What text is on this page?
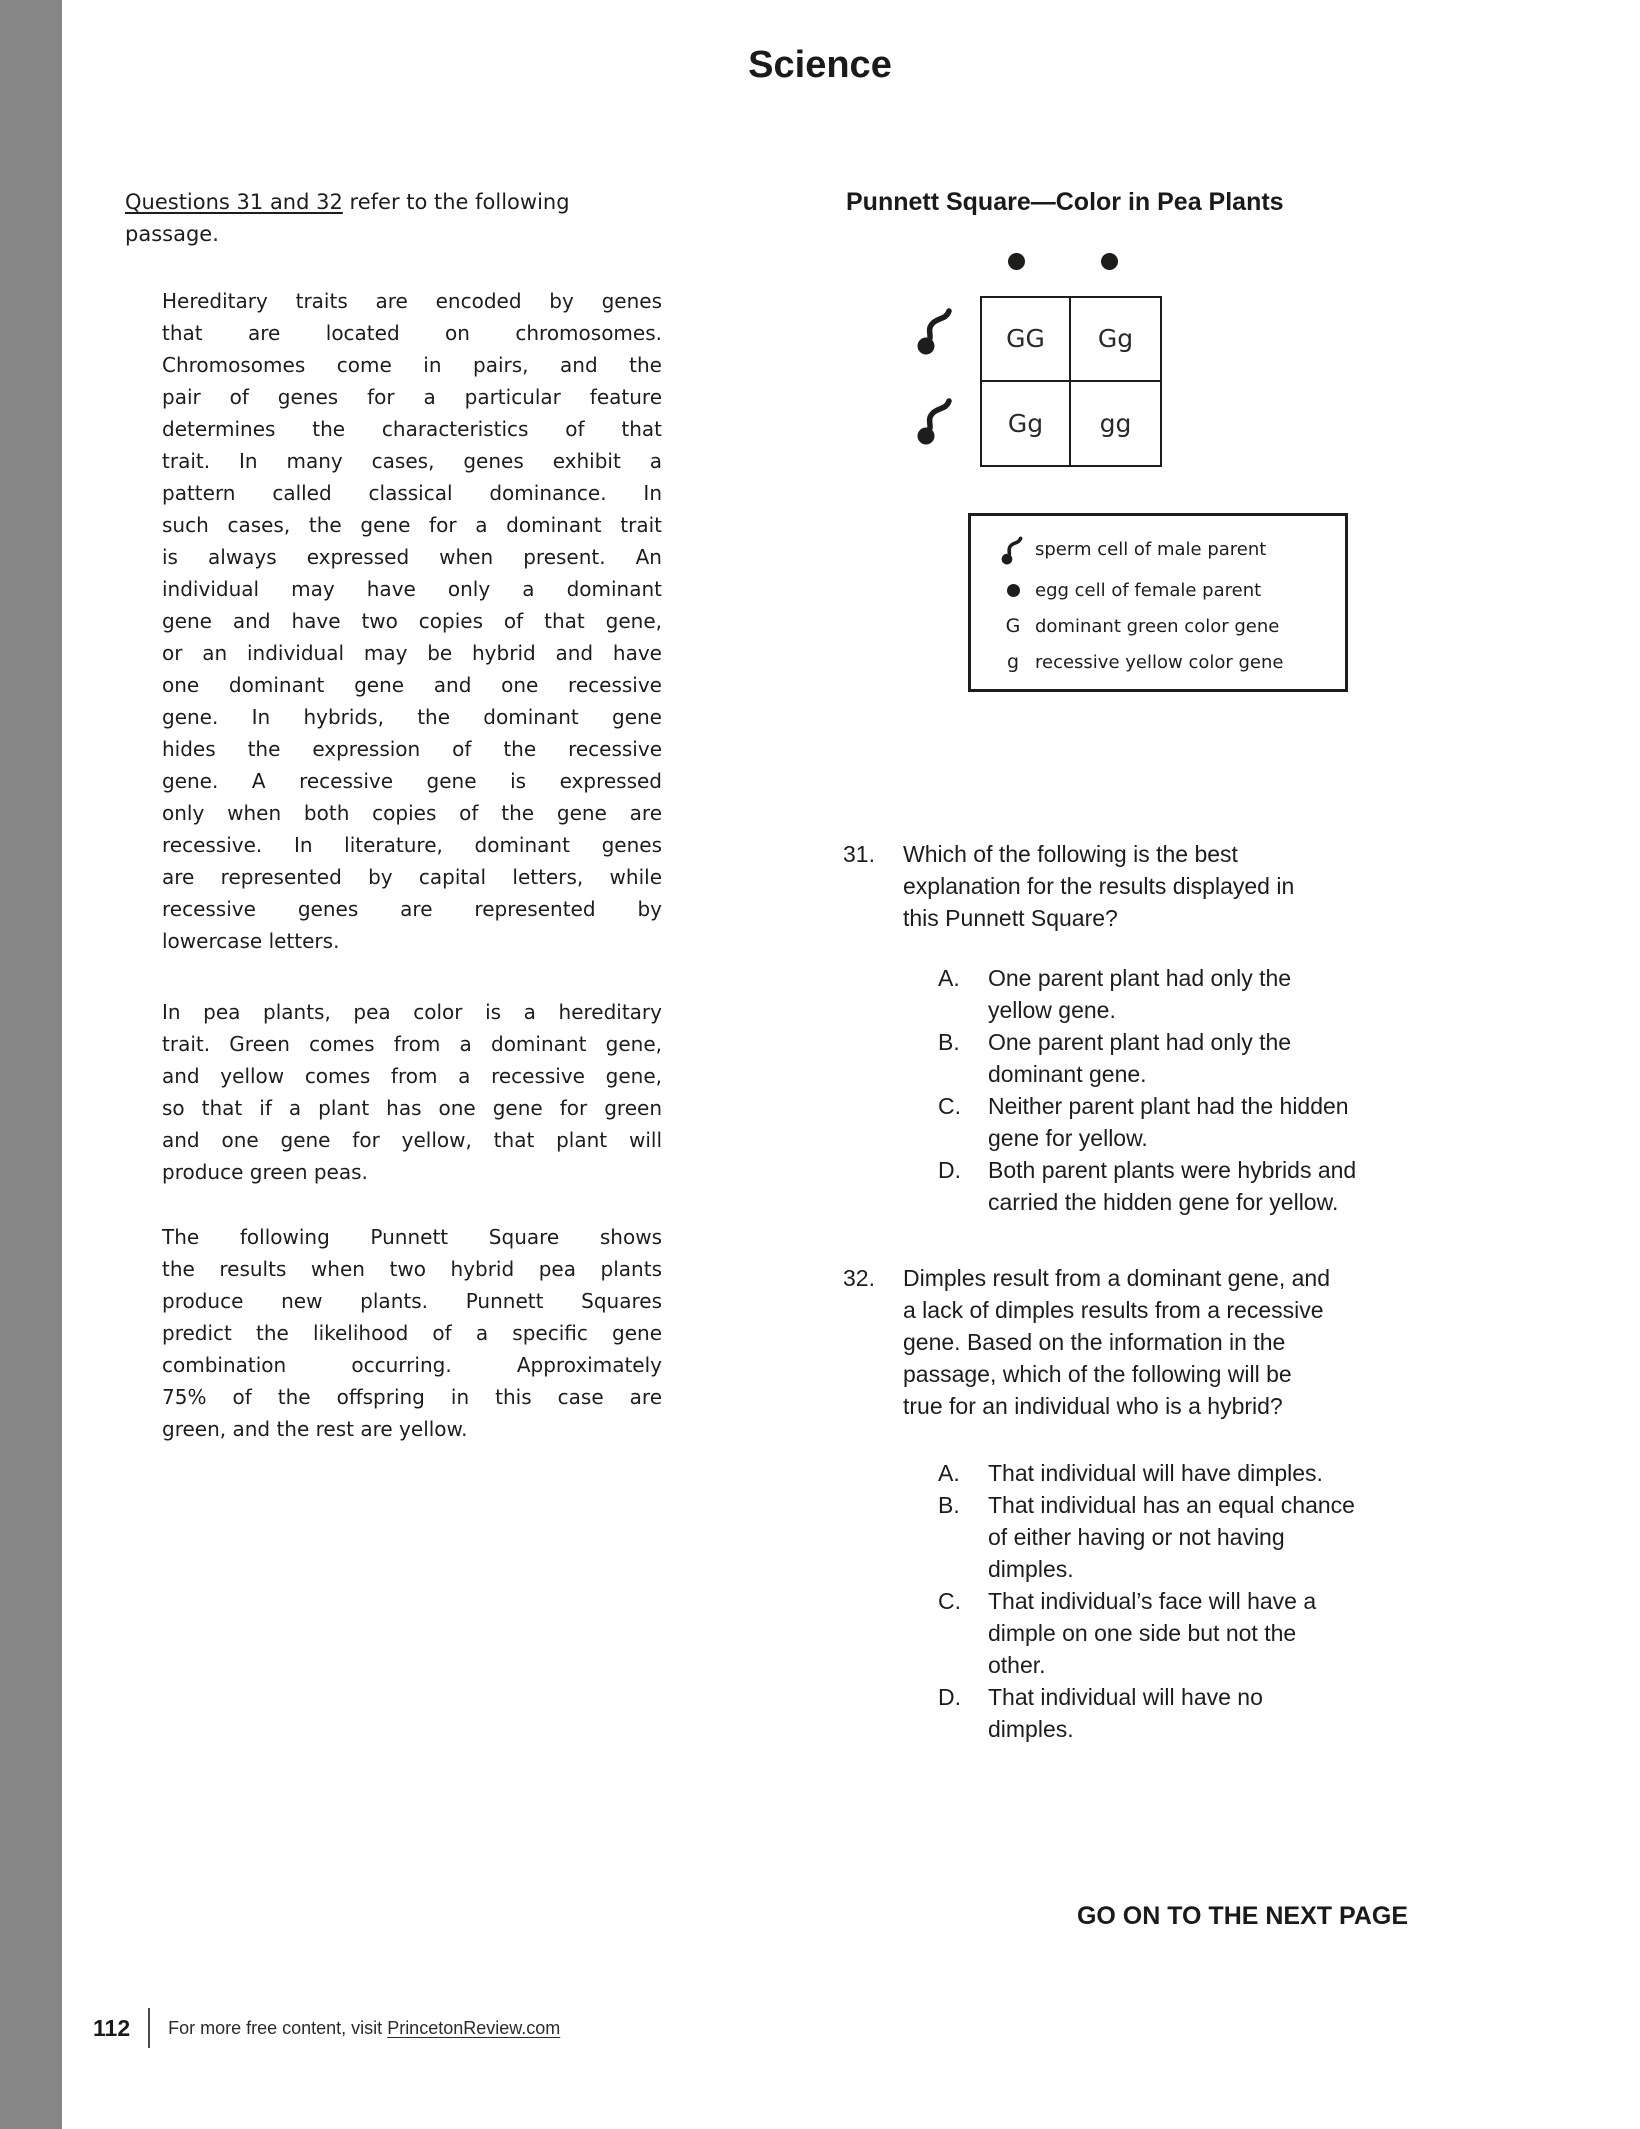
Science
Questions 31 and 32 refer to the following
passage.
Hereditary traits are encoded by genes
that are located on chromosomes.
Chromosomes come in pairs, and the
pair of genes for a particular feature
determines the characteristics of that
trait. In many cases, genes exhibit a
pattern called classical dominance. In
such cases, the gene for a dominant trait
is always expressed when present. An
individual may have only a dominant
gene and have two copies of that gene,
or an individual may be hybrid and have
one dominant gene and one recessive
gene. In hybrids, the dominant gene
hides the expression of the recessive
gene. A recessive gene is expressed
only when both copies of the gene are
recessive. In literature, dominant genes
are represented by capital letters, while
recessive genes are represented by
lowercase letters.
In pea plants, pea color is a hereditary
trait. Green comes from a dominant gene,
and yellow comes from a recessive gene,
so that if a plant has one gene for green
and one gene for yellow, that plant will
produce green peas.
The following Punnett Square shows
the results when two hybrid pea plants
produce new plants. Punnett Squares
predict the likelihood of a specific gene
combination occurring. Approximately
75% of the offspring in this case are
green, and the rest are yellow.
Punnett Square—Color in Pea Plants
GG	Gg
Gg	gg
sperm cell of male parent
egg cell of female parent
G dominant green color gene
g recessive yellow color gene
31.	Which of the following is the best
explanation for the results displayed in
this Punnett Square?
A.	One parent plant had only the
yellow gene.
B.	One parent plant had only the
dominant gene.
C.	Neither parent plant had the hidden
gene for yellow.
D.	Both parent plants were hybrids and
carried the hidden gene for yellow.
32.	Dimples result from a dominant gene, and
a lack of dimples results from a recessive
gene. Based on the information in the
passage, which of the following will be
true for an individual who is a hybrid?
A.	That individual will have dimples.
B.	That individual has an equal chance
of either having or not having
dimples.
C.	That individual’s face will have a
dimple on one side but not the
other.
D.	That individual will have no
dimples.
GO ON TO THE NEXT PAGE
112 For more free content, visit PrincetonReview.com
